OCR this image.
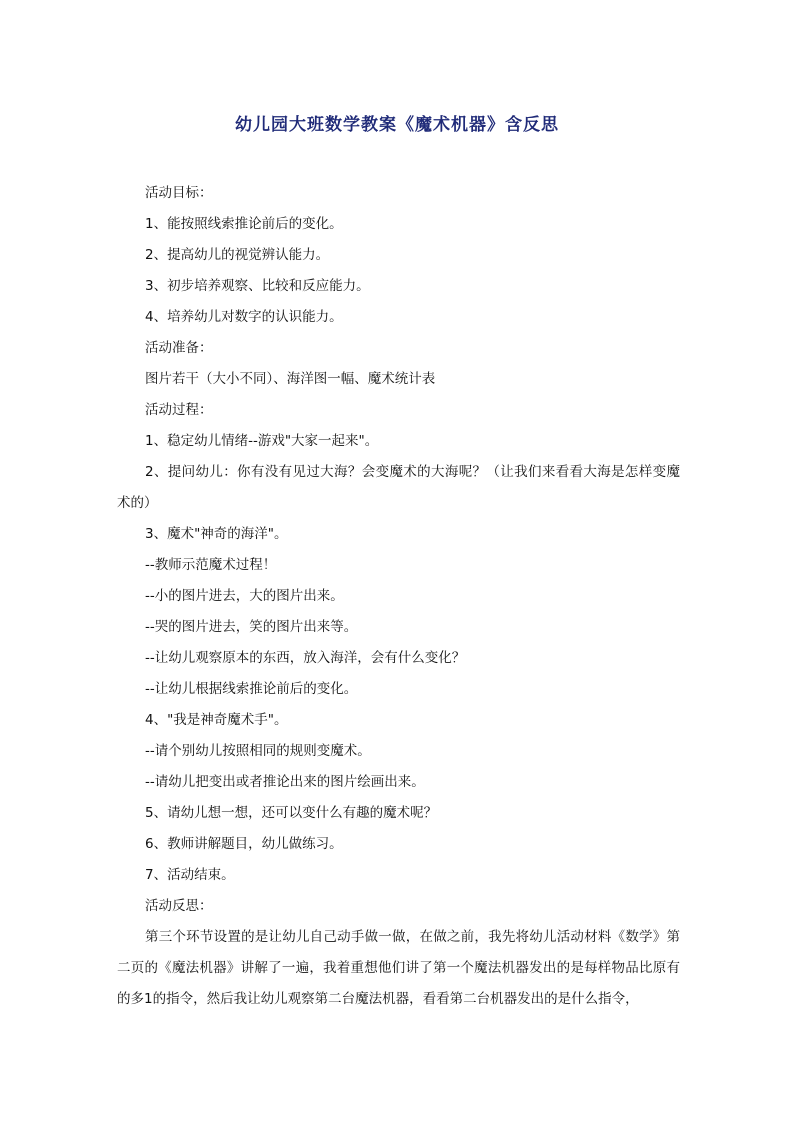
幼儿园大班数学教案《魔术机器》含反思

活动目标：

1、能按照线索推论前后的变化。

2、提高幼儿的视觉辨认能力。

3、初步培养观察、比较和反应能力。

4、培养幼儿对数字的认识能力。

活动准备：

图片若干（大小不同）、海洋图一幅、魔术统计表

活动过程：

1、稳定幼儿情绪--游戏"大家一起来"。

2、提问幼儿：你有没有见过大海？会变魔术的大海呢？（让我们来看看大海是怎样变魔术的）

3、魔术"神奇的海洋"。

--教师示范魔术过程！

--小的图片进去，大的图片出来。

--哭的图片进去，笑的图片出来等。

--让幼儿观察原本的东西，放入海洋，会有什么变化？

--让幼儿根据线索推论前后的变化。

4、"我是神奇魔术手"。

--请个别幼儿按照相同的规则变魔术。

--请幼儿把变出或者推论出来的图片绘画出来。

5、请幼儿想一想，还可以变什么有趣的魔术呢？

6、教师讲解题目，幼儿做练习。

7、活动结束。

活动反思：

第三个环节设置的是让幼儿自己动手做一做，在做之前，我先将幼儿活动材料《数学》第二页的《魔法机器》讲解了一遍，我着重想他们讲了第一个魔法机器发出的是每样物品比原有的多1的指令，然后我让幼儿观察第二台魔法机器，看看第二台机器发出的是什么指令，
